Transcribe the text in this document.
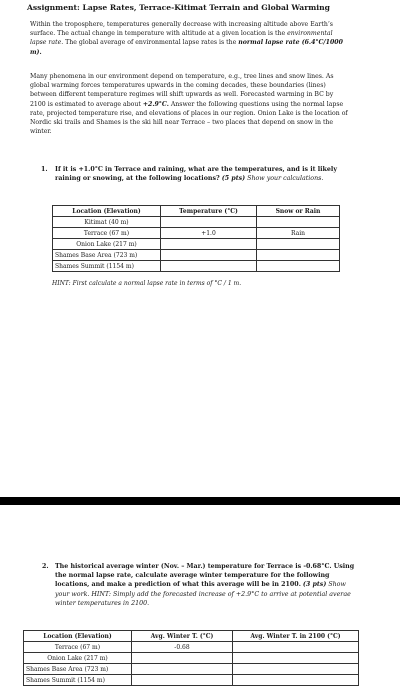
Assignment: Lapse Rates, Terrace-Kitimat Terrain and Global Warming
Within the troposphere, temperatures generally decrease with increasing altitude above Earth’s surface. The actual change in temperature with altitude at a given location is the environmental lapse rate. The global average of environmental lapse rates is the normal lapse rate (6.4°C/1000 m).
Many phenomena in our environment depend on temperature, e.g., tree lines and snow lines. As global warming forces temperatures upwards in the coming decades, these boundaries (lines) between different temperature regimes will shift upwards as well. Forecasted warming in BC by 2100 is estimated to average about +2.9°C. Answer the following questions using the normal lapse rate, projected temperature rise, and elevations of places in our region. Onion Lake is the location of Nordic ski trails and Shames is the ski hill near Terrace – two places that depend on snow in the winter.
1. If it is +1.0°C in Terrace and raining, what are the temperatures, and is it likely raining or snowing, at the following locations? (5 pts) Show your calculations.
Location (Elevation)	Temperature (°C)	Snow or Rain
Kitimat (40 m)		
Terrace (67 m)	+1.0	Rain
Onion Lake (217 m)		
Shames Base Area (723 m)		
Shames Summit (1154 m)		
HINT: First calculate a normal lapse rate in terms of °C / 1 m.
2. The historical average winter (Nov. – Mar.) temperature for Terrace is -0.68°C. Using the normal lapse rate, calculate average winter temperature for the following locations, and make a prediction of what this average will be in 2100. (3 pts) Show your work. HINT: Simply add the forecasted increase of +2.9°C to arrive at potential averae winter temperatures in 2100.
Location (Elevation)	Avg. Winter T. (°C)	Avg. Winter T. in 2100 (°C)
Terrace (67 m)	-0.68	
Onion Lake (217 m)		
Shames Base Area (723 m)		
Shames Summit (1154 m)		
